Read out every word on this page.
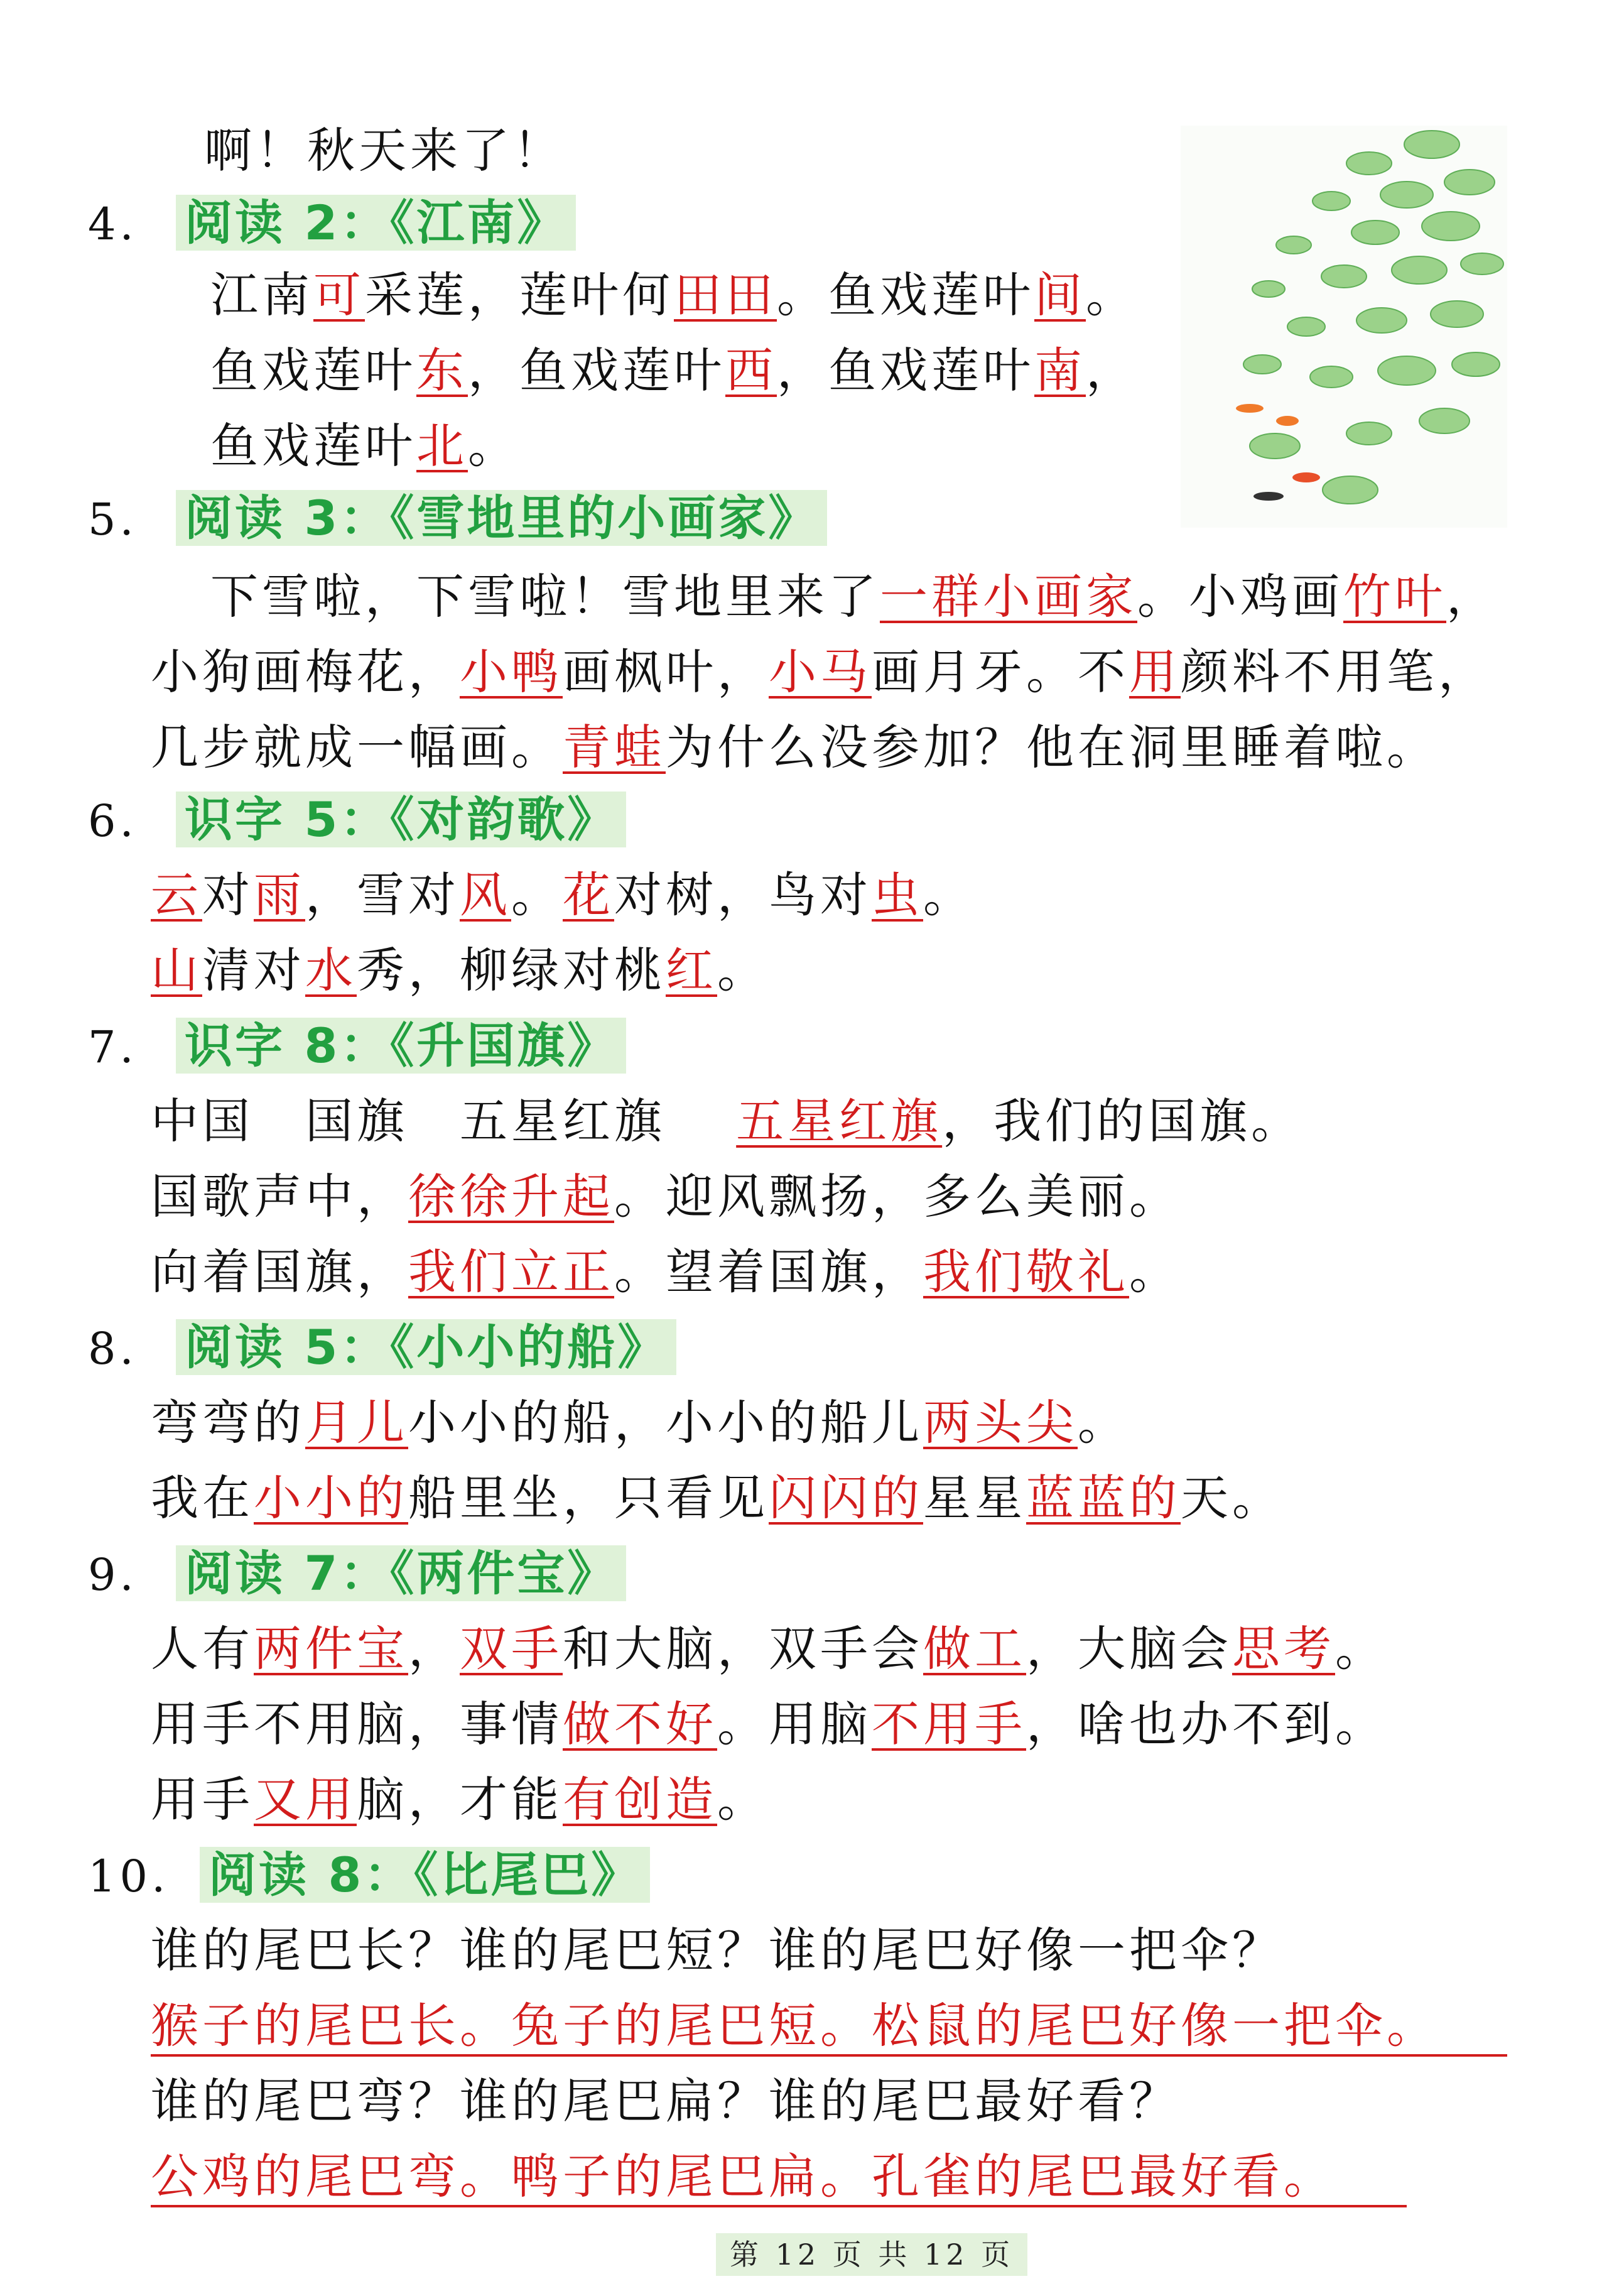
啊！秋天来了！
4. 阅读 2：《江南》
江南可采莲，莲叶何田田。鱼戏莲叶间。
鱼戏莲叶东，鱼戏莲叶西，鱼戏莲叶南，
鱼戏莲叶北。
5. 阅读 3：《雪地里的小画家》
下雪啦，下雪啦！雪地里来了一群小画家。小鸡画竹叶，
小狗画梅花，小鸭画枫叶，小马画月牙。不用颜料不用笔，
几步就成一幅画。青蛙为什么没参加？他在洞里睡着啦。
6. 识字 5：《对韵歌》
云对雨，雪对风。花对树，鸟对虫。
山清对水秀，柳绿对桃红。
7. 识字 8：《升国旗》
中国　国旗　五星红旗　 五星红旗，我们的国旗。
国歌声中，徐徐升起。迎风飘扬，多么美丽。
向着国旗，我们立正。望着国旗，我们敬礼。
8. 阅读 5：《小小的船》
弯弯的月儿小小的船，小小的船儿两头尖。
我在小小的船里坐，只看见闪闪的星星蓝蓝的天。
9. 阅读 7：《两件宝》
人有两件宝，双手和大脑，双手会做工，大脑会思考。
用手不用脑，事情做不好。用脑不用手，啥也办不到。
用手又用脑，才能有创造。
10. 阅读 8：《比尾巴》
谁的尾巴长？谁的尾巴短？谁的尾巴好像一把伞？
猴子的尾巴长。兔子的尾巴短。松鼠的尾巴好像一把伞。
谁的尾巴弯？谁的尾巴扁？谁的尾巴最好看？
公鸡的尾巴弯。鸭子的尾巴扁。孔雀的尾巴最好看。
第 12 页 共 12 页
